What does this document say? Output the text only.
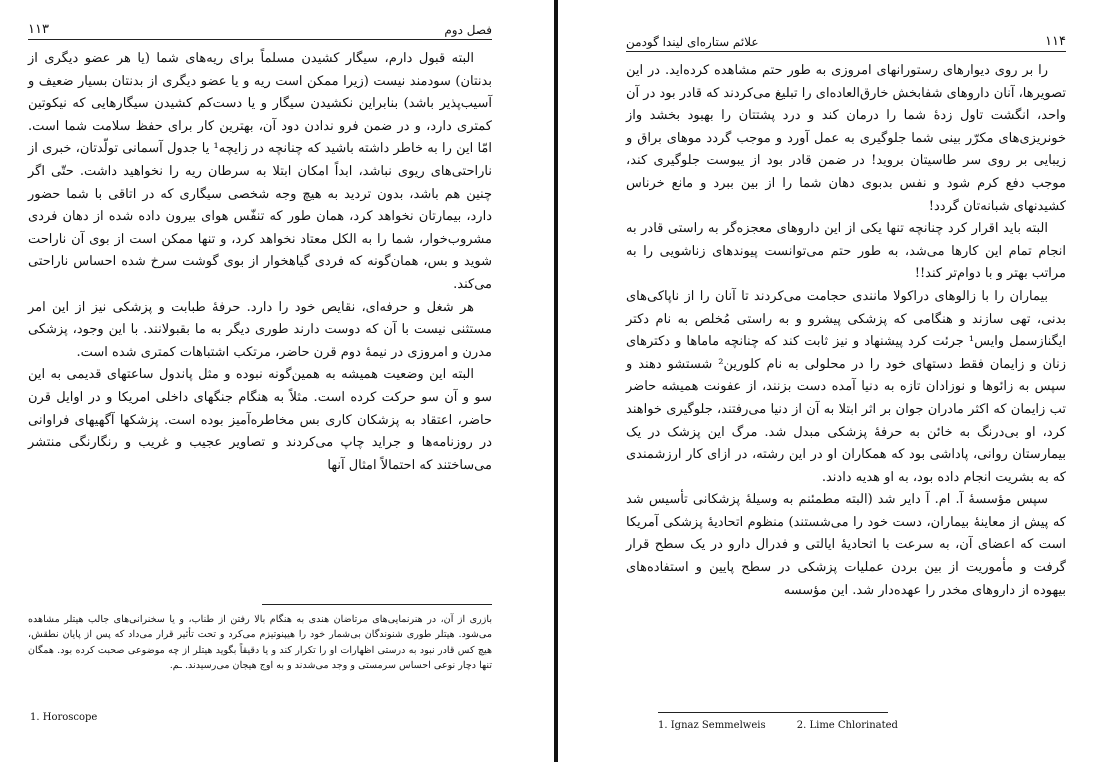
فصل دوم
۱۱۳

البته قبول دارم، سیگار کشیدن مسلماً برای ریه‌های شما (یا هر عضو دیگری از بدنتان) سودمند نیست (زیرا ممکن است ریه و یا عضو دیگری از بدنتان بسیار ضعیف و آسیب‌پذیر باشد) بنابراین نکشیدن سیگار و یا دست‌کم کشیدن سیگارهایی که نیکوتین کمتری دارد، و در ضمن فرو ندادن دود آن، بهترین کار برای حفظ سلامت شما است. امّا این را به خاطر داشته باشید که چنانچه در زایچه¹ یا جدول آسمانی تولّدتان، خبری از ناراحتی‌های ریوی نباشد، ابداً امکان ابتلا به سرطان ریه را نخواهید داشت. حتّی اگر چنین هم باشد، بدون تردید به هیچ وجه شخصی سیگاری که در اتاقی با شما حضور دارد، بیمارتان نخواهد کرد، همان طور که تنفّس هوای بیرون داده شده از دهان فردی مشروب‌خوار، شما را به الکل معتاد نخواهد کرد، و تنها ممکن است از بوی آن ناراحت شوید و بس، همان‌گونه که فردی گیاهخوار از بوی گوشت سرخ شده احساس ناراحتی می‌کند.

هر شغل و حرفه‌ای، نقایص خود را دارد. حرفهٔ طبابت و پزشکی نیز از این امر مستثنی نیست با آن که دوست دارند طوری دیگر به ما بقبولانند. با این وجود، پزشکی مدرن و امروزی در نیمهٔ دوم قرن حاضر، مرتکب اشتباهات کمتری شده است.

البته این وضعیت همیشه به همین‌گونه نبوده و مثل پاندول ساعتهای قدیمی به این سو و آن سو حرکت کرده است. مثلاً به هنگام جنگهای داخلی امریکا و در اوایل قرن حاضر، اعتقاد به پزشکان کاری بس مخاطره‌آمیز بوده است. پزشکها آگهیهای فراوانی در روزنامه‌ها و جراید چاپ می‌کردند و تصاویر عجیب و غریب و رنگارنگی منتشر می‌ساختند که احتمالاً امثال آنها

بازری از آن، در هنرنمایی‌های مرتاضان هندی به هنگام بالا رفتن از طناب، و یا سخنرانی‌های جالب هیتلر مشاهده می‌شود. هیتلر طوری شنوندگان بی‌شمار خود را هیپنوتیزم می‌کرد و تحت تأثیر قرار می‌داد که پس از پایان نطقش، هیچ کس قادر نبود به درستی اظهارات او را تکرار کند و یا دقیقاً بگوید هیتلر از چه موضوعی صحبت کرده بود. همگان تنها دچار نوعی احساس سرمستی و وجد می‌شدند و به اوج هیجان می‌رسیدند. ـم.
1. Horoscope
۱۱۴
علائم ستاره‌ای لیندا گودمن

را بر روی دیوارهای رستورانهای امروزی به طور حتم مشاهده کرده‌اید. در این تصویرها، آنان داروهای شفابخش خارق‌العاده‌ای را تبلیغ می‌کردند که قادر بود در آن واحد، انگشت تاول زدهٔ شما را درمان کند و درد پشتتان را بهبود بخشد واز خونریزی‌های مکرّر بینی شما جلوگیری به عمل آورد و موجب گردد موهای براق و زیبایی بر روی سر طاسیتان بروید! در ضمن قادر بود از یبوست جلوگیری کند، موجب دفع کرم شود و نفس بدبوی دهان شما را از بین ببرد و مانع خرناس کشیدنهای شبانه‌تان گردد!

البته باید اقرار کرد چنانچه تنها یکی از این داروهای معجزه‌گر به راستی قادر به انجام تمام این کارها می‌شد، به طور حتم می‌توانست پیوندهای زناشویی را به مراتب بهتر و با دوام‌تر کند!!

بیماران را با زالوهای دراکولا مانندی حجامت می‌کردند تا آنان را از ناپاکی‌های بدنی، تهی سازند و هنگامی که پزشکی پیشرو و به راستی مُخلص به نام دکتر ایگنازسمل وایس¹ جرئت کرد پیشنهاد و نیز ثابت کند که چنانچه ماماها و دکترهای زنان و زایمان فقط دستهای خود را در محلولی به نام کلورین² شستشو دهند و سپس به زائوها و نوزادان تازه به دنیا آمده دست بزنند، از عفونت همیشه حاضر تب زایمان که اکثر مادران جوان بر اثر ابتلا به آن از دنیا می‌رفتند، جلوگیری خواهند کرد، او بی‌درنگ به خائن به حرفهٔ پزشکی مبدل شد. مرگ این پزشک در یک بیمارستان روانی، پاداشی بود که همکاران او در این رشته، در ازای کار ارزشمندی که به بشریت انجام داده بود، به او هدیه دادند.

سپس مؤسسهٔ آ. ام. آ دایر شد (البته مطمئنم به وسیلهٔ پزشکانی تأسیس شد که پیش از معاینهٔ بیماران، دست خود را می‌شستند) منظوم اتحادیهٔ پزشکی آمریکا است که اعضای آن، به سرعت با اتحادیهٔ ایالتی و فدرال دارو در یک سطح قرار گرفت و مأموریت از بین بردن عملیات پزشکی در سطح پایین و استفاده‌های بیهوده از داروهای مخدر را عهده‌دار شد. این مؤسسه

1. Ignaz Semmelweis	2. Lime Chlorinated
